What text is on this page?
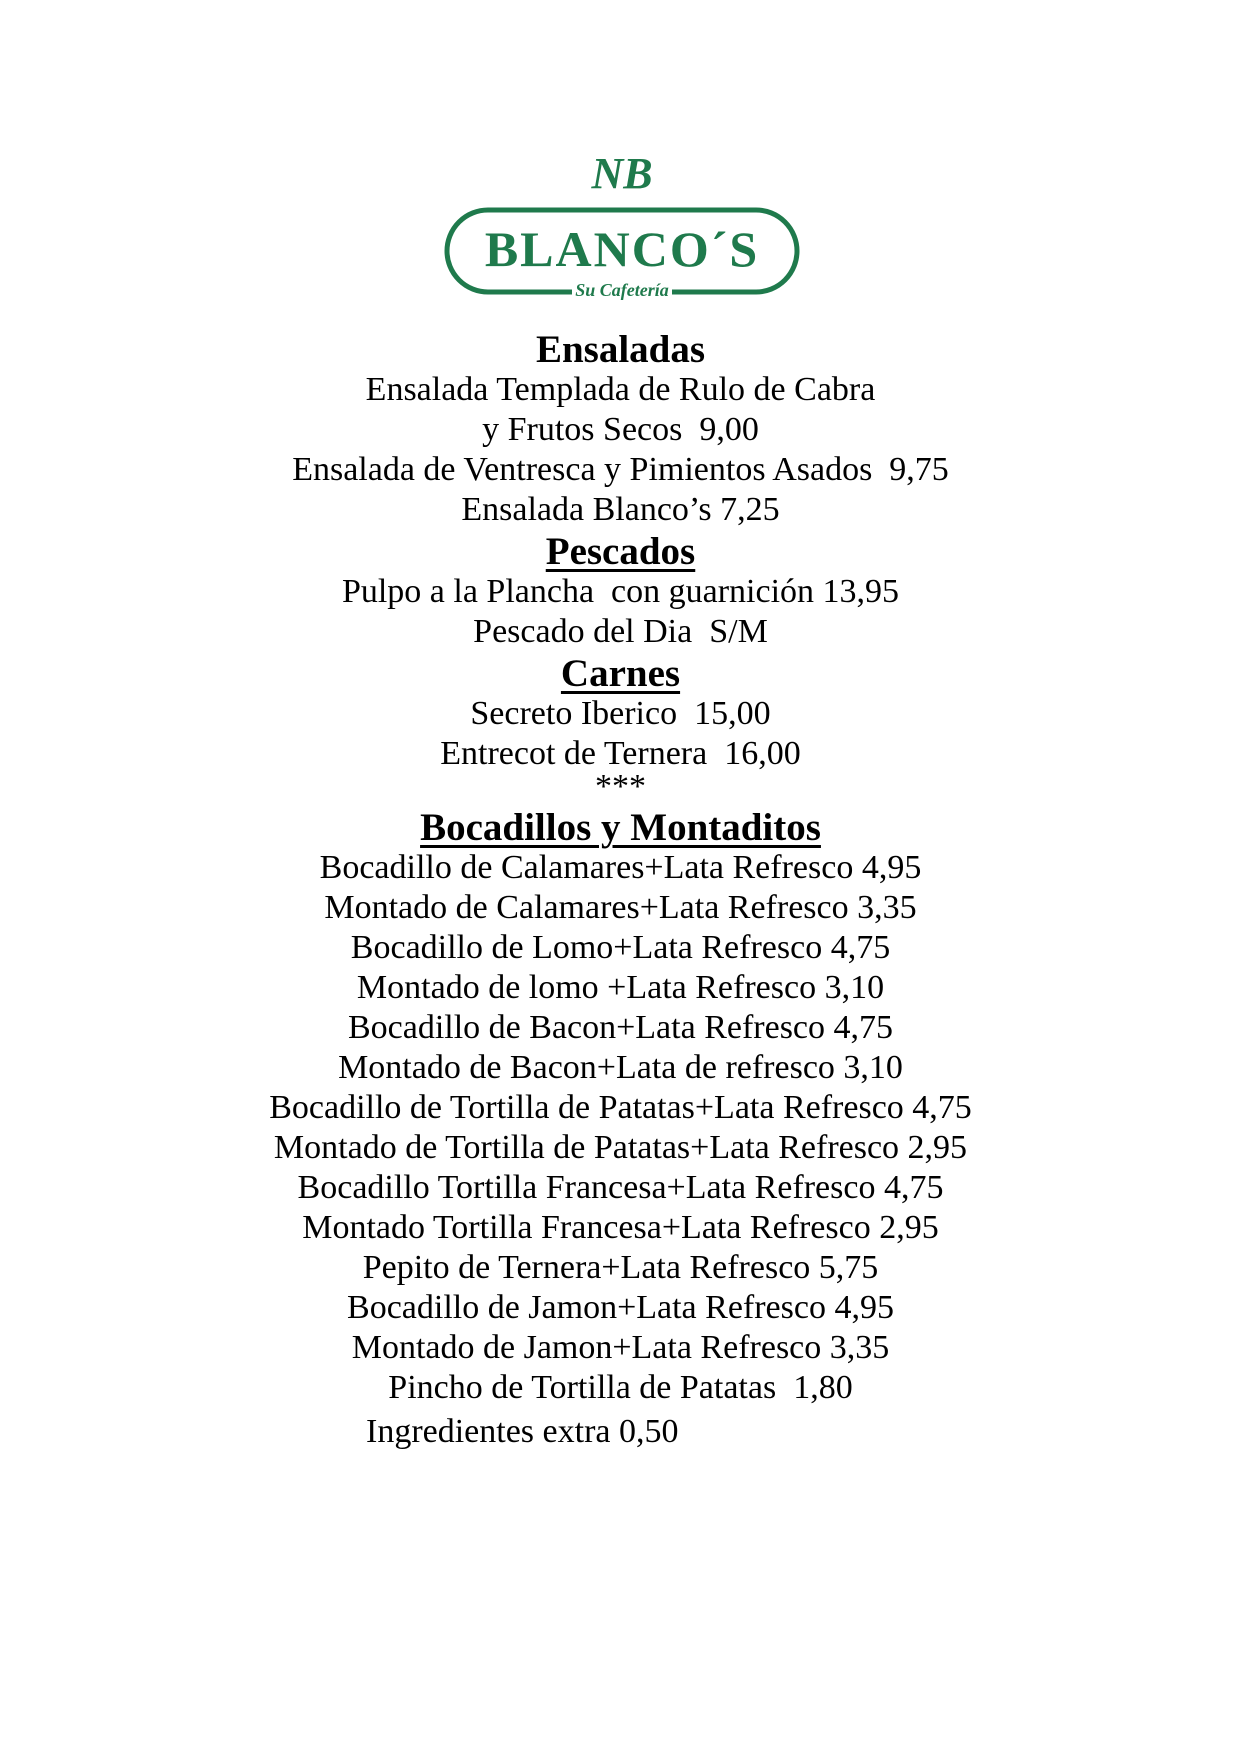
NB
BLANCO´S
Su Cafetería
Ensaladas

Ensalada Templada de Rulo de Cabra

y Frutos Secos  9,00

Ensalada de Ventresca y Pimientos Asados  9,75

Ensalada Blanco’s 7,25

Pescados

Pulpo a la Plancha  con guarnición 13,95

Pescado del Dia  S/M

Carnes

Secreto Iberico  15,00

Entrecot de Ternera  16,00

***

Bocadillos y Montaditos

Bocadillo de Calamares+Lata Refresco 4,95

Montado de Calamares+Lata Refresco 3,35

Bocadillo de Lomo+Lata Refresco 4,75

Montado de lomo +Lata Refresco 3,10

Bocadillo de Bacon+Lata Refresco 4,75

Montado de Bacon+Lata de refresco 3,10

Bocadillo de Tortilla de Patatas+Lata Refresco 4,75

Montado de Tortilla de Patatas+Lata Refresco 2,95

Bocadillo Tortilla Francesa+Lata Refresco 4,75

Montado Tortilla Francesa+Lata Refresco 2,95

Pepito de Ternera+Lata Refresco 5,75

Bocadillo de Jamon+Lata Refresco 4,95

Montado de Jamon+Lata Refresco 3,35

Pincho de Tortilla de Patatas  1,80

Ingredientes extra 0,50
